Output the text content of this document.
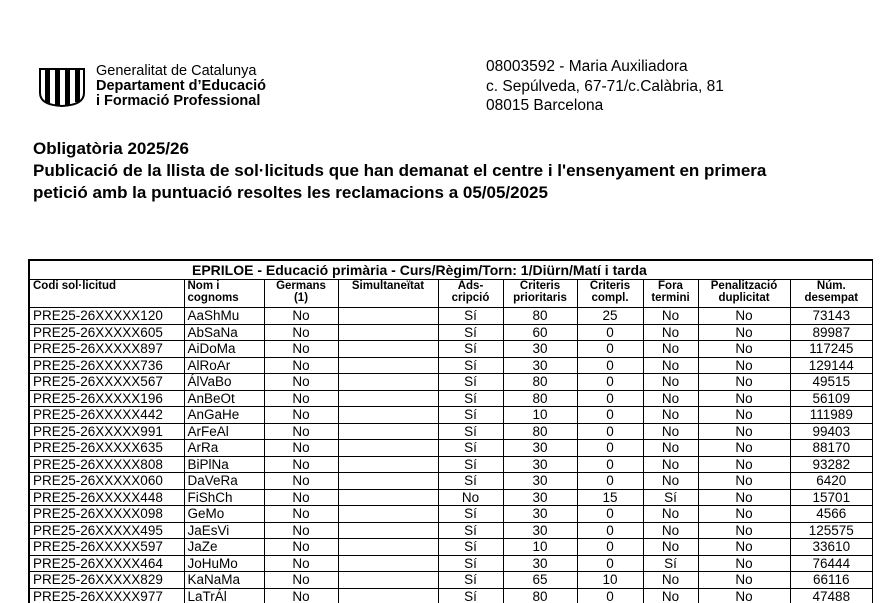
Generalitat de Catalunya
Departament d’Educació
i Formació Professional
08003592 - Maria Auxiliadora
c. Sepúlveda, 67-71/c.Calàbria, 81
08015 Barcelona
Obligatòria 2025/26
Publicació de la llista de sol·licituds que han demanat el centre i l'ensenyament en primera
petició amb la puntuació resoltes les reclamacions a 05/05/2025
EPRILOE - Educació primària - Curs/Règim/Torn: 1/Diürn/Matí i tarda									
Codi sol·licitud	Nom i cognoms	Germans (1)	Simultaneïtat	Ads- cripció	Criteris prioritaris	Criteris compl.	Fora termini	Penalització duplicitat	Núm. desempat
PRE25-26XXXXX120	AaShMu	No		Sí	80	25	No	No	73143
PRE25-26XXXXX605	AbSaNa	No		Sí	60	0	No	No	89987
PRE25-26XXXXX897	AiDoMa	No		Sí	30	0	No	No	117245
PRE25-26XXXXX736	AlRoAr	No		Sí	30	0	No	No	129144
PRE25-26XXXXX567	ÁlVaBo	No		Sí	80	0	No	No	49515
PRE25-26XXXXX196	AnBeOt	No		Sí	80	0	No	No	56109
PRE25-26XXXXX442	AnGaHe	No		Sí	10	0	No	No	111989
PRE25-26XXXXX991	ArFeAl	No		Sí	80	0	No	No	99403
PRE25-26XXXXX635	ArRa	No		Sí	30	0	No	No	88170
PRE25-26XXXXX808	BiPlNa	No		Sí	30	0	No	No	93282
PRE25-26XXXXX060	DaVeRa	No		Sí	30	0	No	No	6420
PRE25-26XXXXX448	FiShCh	No		No	30	15	Sí	No	15701
PRE25-26XXXXX098	GeMo	No		Sí	30	0	No	No	4566
PRE25-26XXXXX495	JaEsVi	No		Sí	30	0	No	No	125575
PRE25-26XXXXX597	JaZe	No		Sí	10	0	No	No	33610
PRE25-26XXXXX464	JoHuMo	No		Sí	30	0	Sí	No	76444
PRE25-26XXXXX829	KaNaMa	No		Sí	65	10	No	No	66116
PRE25-26XXXXX977	LaTrÁl	No		Sí	80	0	No	No	47488
